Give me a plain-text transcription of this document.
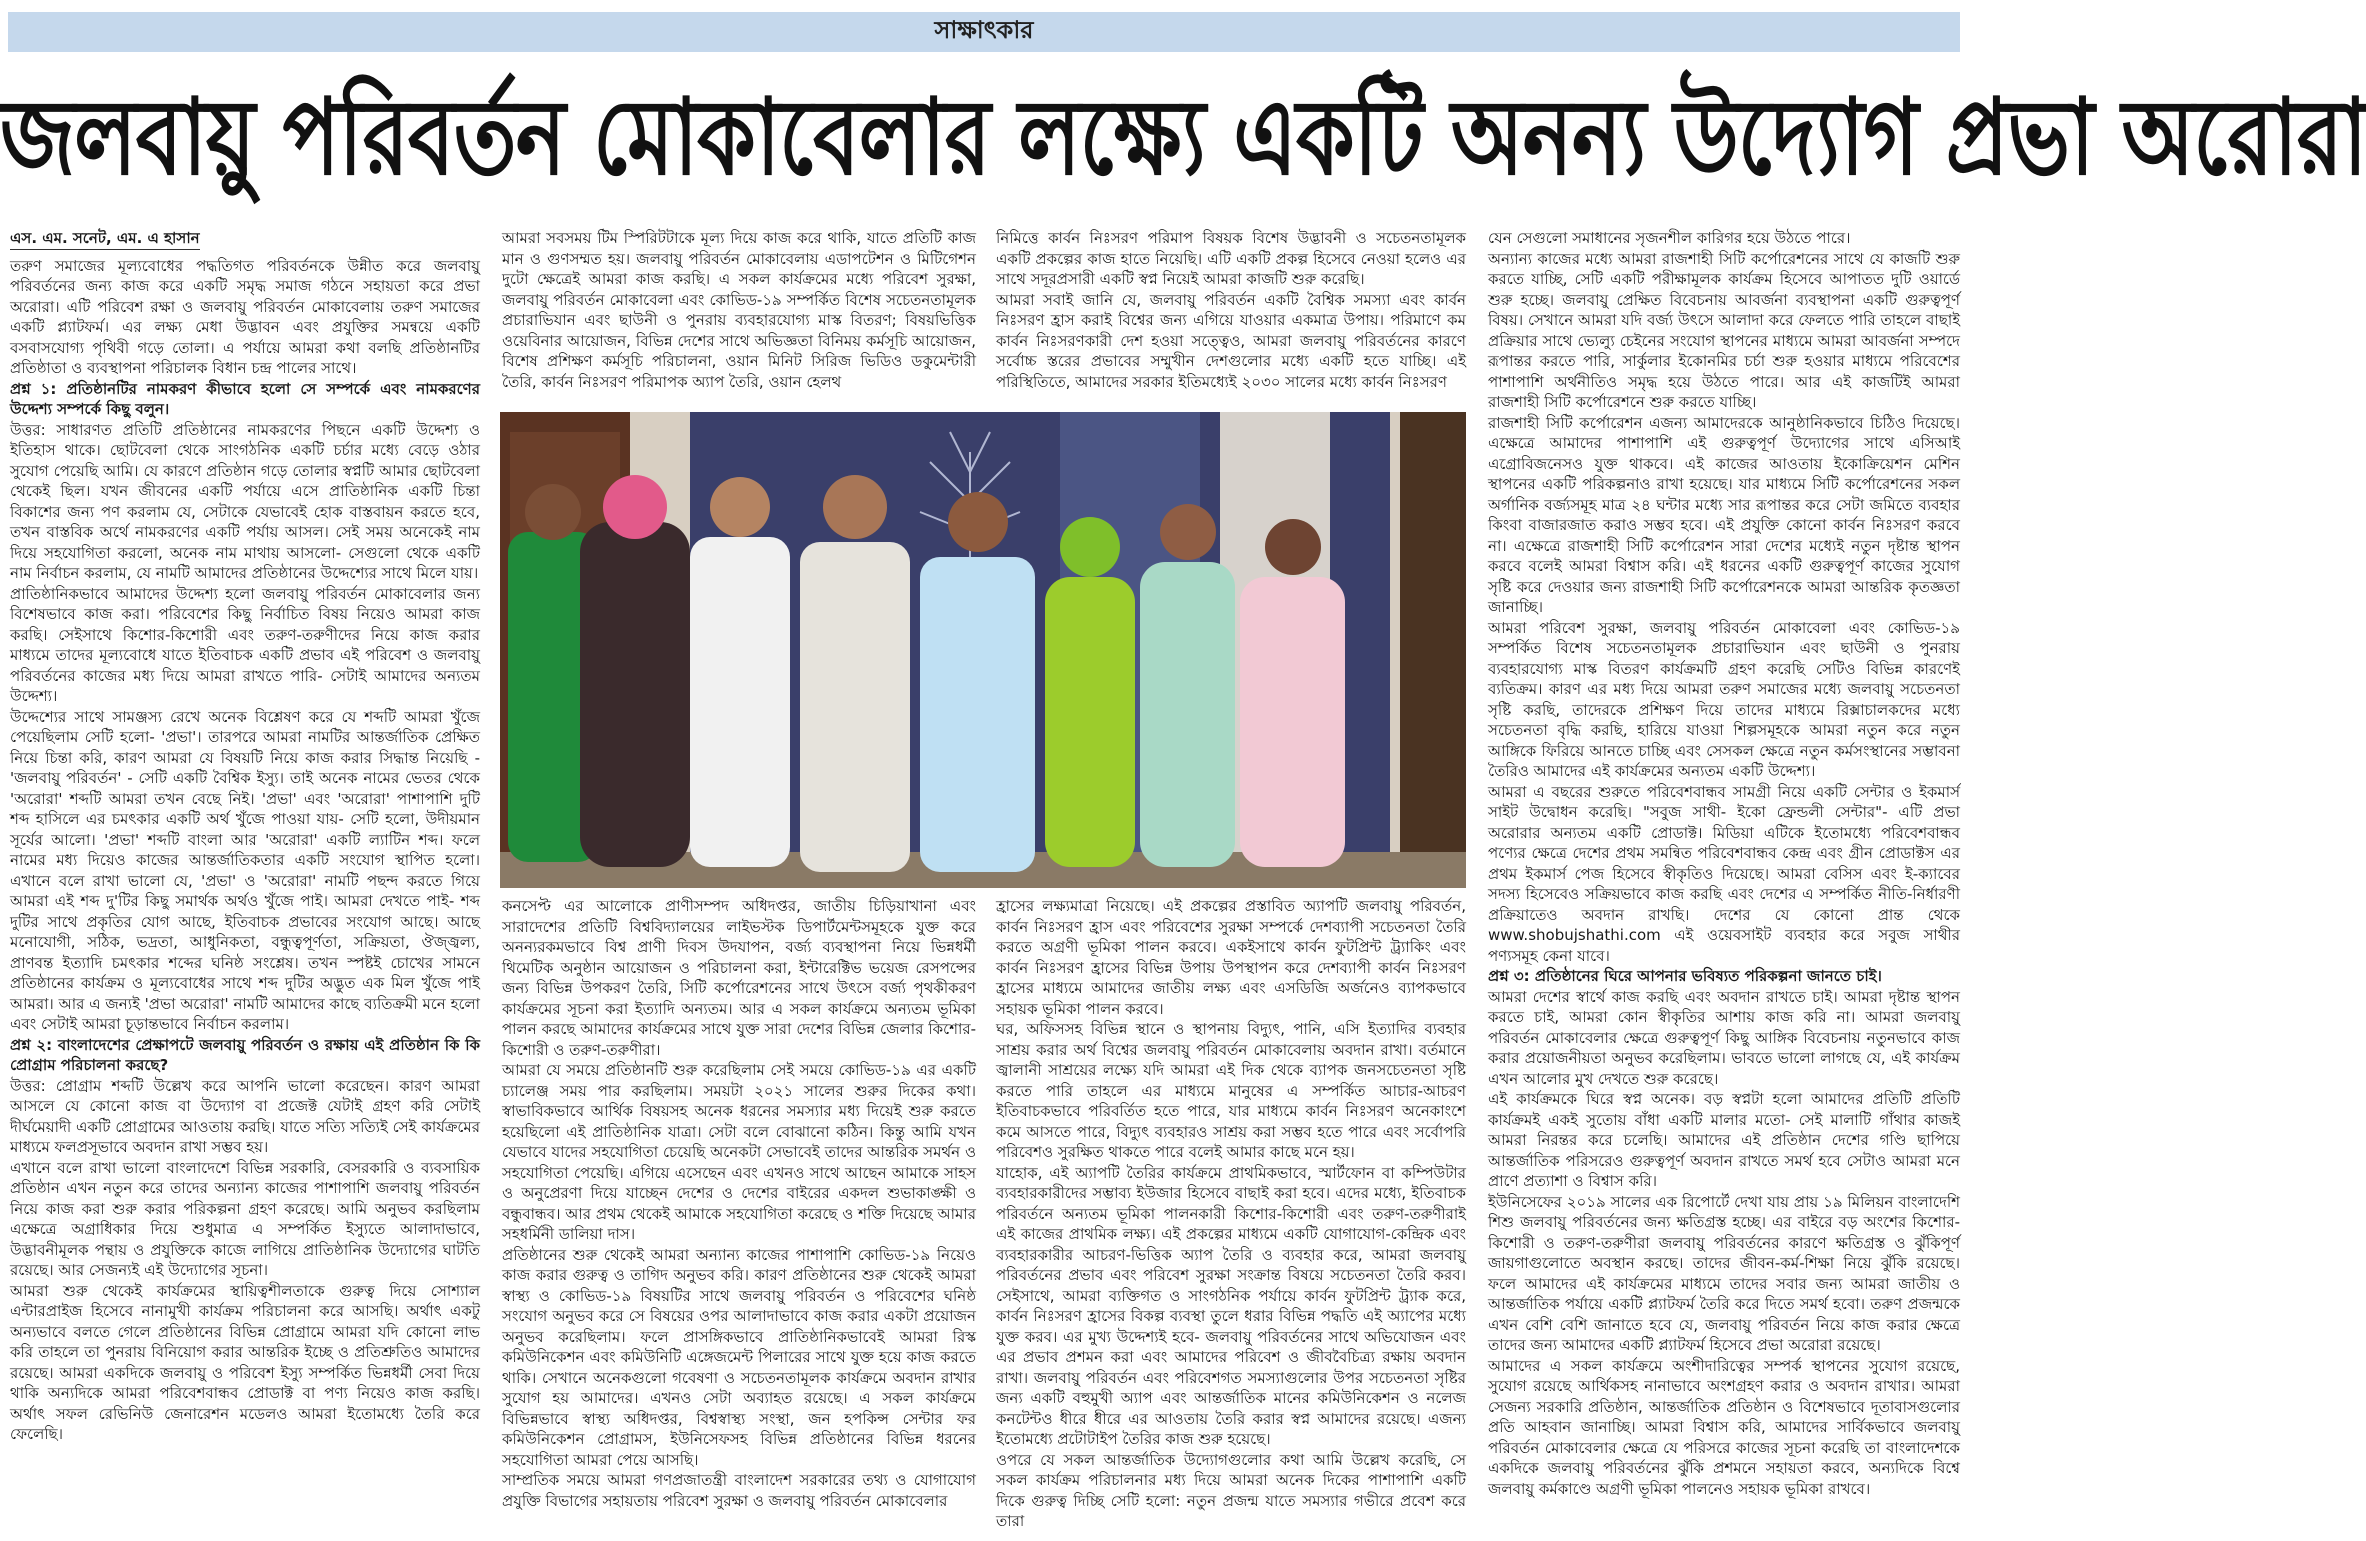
সাক্ষাৎকার
জলবায়ু পরিবর্তন মোকাবেলার লক্ষ্যে একটি অনন্য উদ্যোগ প্রভা অরোরা
এস. এম. সনেট, এম. এ হাসান

তরুণ সমাজের মূল্যবোধের পদ্ধতিগত পরিবর্তনকে উন্নীত করে জলবায়ু পরিবর্তনের জন্য কাজ করে একটি সমৃদ্ধ সমাজ গঠনে সহায়তা করে প্রভা অরোরা। এটি পরিবেশ রক্ষা ও জলবায়ু পরিবর্তন মোকাবেলায় তরুণ সমাজের একটি প্ল্যাটফর্ম। এর লক্ষ্য মেধা উদ্ভাবন এবং প্রযুক্তির সমন্বয়ে একটি বসবাসযোগ্য পৃথিবী গড়ে তোলা। এ পর্যায়ে আমরা কথা বলছি প্রতিষ্ঠানটির প্রতিষ্ঠাতা ও ব্যবস্থাপনা পরিচালক বিধান চন্দ্র পালের সাথে।

প্রশ্ন ১: প্রতিষ্ঠানটির নামকরণ কীভাবে হলো সে সম্পর্কে এবং নামকরণের উদ্দেশ্য সম্পর্কে কিছু বলুন।

উত্তর: সাধারণত প্রতিটি প্রতিষ্ঠানের নামকরণের পিছনে একটি উদ্দেশ্য ও ইতিহাস থাকে। ছোটবেলা থেকে সাংগঠনিক একটি চর্চার মধ্যে বেড়ে ওঠার সুযোগ পেয়েছি আমি। যে কারণে প্রতিষ্ঠান গড়ে তোলার স্বপ্নটি আমার ছোটবেলা থেকেই ছিল। যখন জীবনের একটি পর্যায়ে এসে প্রাতিষ্ঠানিক একটি চিন্তা বিকাশের জন্য পণ করলাম যে, সেটাকে যেভাবেই হোক বাস্তবায়ন করতে হবে, তখন বাস্তবিক অর্থে নামকরণের একটি পর্যায় আসল। সেই সময় অনেকেই নাম দিয়ে সহযোগিতা করলো, অনেক নাম মাথায় আসলো- সেগুলো থেকে একটি নাম নির্বাচন করলাম, যে নামটি আমাদের প্রতিষ্ঠানের উদ্দেশ্যের সাথে মিলে যায়।

প্রাতিষ্ঠানিকভাবে আমাদের উদ্দেশ্য হলো জলবায়ু পরিবর্তন মোকাবেলার জন্য বিশেষভাবে কাজ করা। পরিবেশের কিছু নির্বাচিত বিষয় নিয়েও আমরা কাজ করছি। সেইসাথে কিশোর-কিশোরী এবং তরুণ-তরুণীদের নিয়ে কাজ করার মাধ্যমে তাদের মূল্যবোধে যাতে ইতিবাচক একটি প্রভাব এই পরিবেশ ও জলবায়ু পরিবর্তনের কাজের মধ্য দিয়ে আমরা রাখতে পারি- সেটাই আমাদের অন্যতম উদ্দেশ্য।

উদ্দেশ্যের সাথে সামঞ্জস্য রেখে অনেক বিশ্লেষণ করে যে শব্দটি আমরা খুঁজে পেয়েছিলাম সেটি হলো- 'প্রভা'। তারপরে আমরা নামটির আন্তর্জাতিক প্রেক্ষিত নিয়ে চিন্তা করি, কারণ আমরা যে বিষয়টি নিয়ে কাজ করার সিদ্ধান্ত নিয়েছি - 'জলবায়ু পরিবর্তন' - সেটি একটি বৈশ্বিক ইস্যু। তাই অনেক নামের ভেতর থেকে 'অরোরা' শব্দটি আমরা তখন বেছে নিই। 'প্রভা' এবং 'অরোরা' পাশাপাশি দুটি শব্দ হাসিলে এর চমৎকার একটি অর্থ খুঁজে পাওয়া যায়- সেটি হলো, উদীয়মান সূর্যের আলো। 'প্রভা' শব্দটি বাংলা আর 'অরোরা' একটি ল্যাটিন শব্দ। ফলে নামের মধ্য দিয়েও কাজের আন্তর্জাতিকতার একটি সংযোগ স্থাপিত হলো। এখানে বলে রাখা ভালো যে, 'প্রভা' ও 'অরোরা' নামটি পছন্দ করতে গিয়ে আমরা এই শব্দ দু'টির কিছু সমার্থক অর্থও খুঁজে পাই। আমরা দেখতে পাই- শব্দ দুটির সাথে প্রকৃতির যোগ আছে, ইতিবাচক প্রভাবের সংযোগ আছে। আছে মনোযোগী, সঠিক, ভদ্রতা, আধুনিকতা, বন্ধুত্বপূর্ণতা, সক্রিয়তা, ঔজ্জ্বল্য, প্রাণবন্ত ইত্যাদি চমৎকার শব্দের ঘনিষ্ঠ সংশ্লেষ। তখন স্পষ্টই চোখের সামনে প্রতিষ্ঠানের কার্যক্রম ও মূল্যবোধের সাথে শব্দ দুটির অদ্ভুত এক মিল খুঁজে পাই আমরা। আর এ জন্যই 'প্রভা অরোরা' নামটি আমাদের কাছে ব্যতিক্রমী মনে হলো এবং সেটাই আমরা চূড়ান্তভাবে নির্বাচন করলাম।

প্রশ্ন ২: বাংলাদেশের প্রেক্ষাপটে জলবায়ু পরিবর্তন ও রক্ষায় এই প্রতিষ্ঠান কি কি প্রোগ্রাম পরিচালনা করছে?

উত্তর: প্রোগ্রাম শব্দটি উল্লেখ করে আপনি ভালো করেছেন। কারণ আমরা আসলে যে কোনো কাজ বা উদ্যোগ বা প্রজেক্ট যেটাই গ্রহণ করি সেটাই দীর্ঘমেয়াদী একটি প্রোগ্রামের আওতায় করছি। যাতে সত্যি সত্যিই সেই কার্যক্রমের মাধ্যমে ফলপ্রসূভাবে অবদান রাখা সম্ভব হয়।

এখানে বলে রাখা ভালো বাংলাদেশে বিভিন্ন সরকারি, বেসরকারি ও ব্যবসায়িক প্রতিষ্ঠান এখন নতুন করে তাদের অন্যান্য কাজের পাশাপাশি জলবায়ু পরিবর্তন নিয়ে কাজ করা শুরু করার পরিকল্পনা গ্রহণ করেছে। আমি অনুভব করছিলাম এক্ষেত্রে অগ্রাধিকার দিয়ে শুধুমাত্র এ সম্পর্কিত ইস্যুতে আলাদাভাবে, উদ্ভাবনীমূলক পন্থায় ও প্রযুক্তিকে কাজে লাগিয়ে প্রাতিষ্ঠানিক উদ্যোগের ঘাটতি রয়েছে। আর সেজন্যই এই উদ্যোগের সূচনা।

আমরা শুরু থেকেই কার্যক্রমের স্থায়িত্বশীলতাকে গুরুত্ব দিয়ে সোশ্যাল এন্টারপ্রাইজ হিসেবে নানামুখী কার্যক্রম পরিচালনা করে আসছি। অর্থাৎ একটু অন্যভাবে বলতে গেলে প্রতিষ্ঠানের বিভিন্ন প্রোগ্রামে আমরা যদি কোনো লাভ করি তাহলে তা পুনরায় বিনিয়োগ করার আন্তরিক ইচ্ছে ও প্রতিশ্রুতিও আমাদের রয়েছে। আমরা একদিকে জলবায়ু ও পরিবেশ ইস্যু সম্পর্কিত ভিন্নধর্মী সেবা দিয়ে থাকি অন্যদিকে আমরা পরিবেশবান্ধব প্রোডাক্ট বা পণ্য নিয়েও কাজ করছি। অর্থাৎ সফল রেভিনিউ জেনারেশন মডেলও আমরা ইতোমধ্যে তৈরি করে ফেলেছি।

আমরা সবসময় টিম স্পিরিটটাকে মূল্য দিয়ে কাজ করে থাকি, যাতে প্রতিটি কাজ মান ও গুণসম্মত হয়। জলবায়ু পরিবর্তন মোকাবেলায় এডাপটেশন ও মিটিগেশন দুটো ক্ষেত্রেই আমরা কাজ করছি। এ সকল কার্যক্রমের মধ্যে পরিবেশ সুরক্ষা, জলবায়ু পরিবর্তন মোকাবেলা এবং কোভিড-১৯ সম্পর্কিত বিশেষ সচেতনতামূলক প্রচারাভিযান এবং ছাউনী ও পুনরায় ব্যবহারযোগ্য মাস্ক বিতরণ; বিষয়ভিত্তিক ওয়েবিনার আয়োজন, বিভিন্ন দেশের সাথে অভিজ্ঞতা বিনিময় কর্মসূচি আয়োজন, বিশেষ প্রশিক্ষণ কর্মসূচি পরিচালনা, ওয়ান মিনিট সিরিজ ভিডিও ডকুমেন্টারী তৈরি, কার্বন নিঃসরণ পরিমাপক অ্যাপ তৈরি, ওয়ান হেলথ

নিমিত্তে কার্বন নিঃসরণ পরিমাপ বিষয়ক বিশেষ উদ্ভাবনী ও সচেতনতামূলক একটি প্রকল্পের কাজ হাতে নিয়েছি। এটি একটি প্রকল্প হিসেবে নেওয়া হলেও এর সাথে সদূরপ্রসারী একটি স্বপ্ন নিয়েই আমরা কাজটি শুরু করেছি।

আমরা সবাই জানি যে, জলবায়ু পরিবর্তন একটি বৈশ্বিক সমস্যা এবং কার্বন নিঃসরণ হ্রাস করাই বিশ্বের জন্য এগিয়ে যাওয়ার একমাত্র উপায়। পরিমাণে কম কার্বন নিঃসরণকারী দেশ হওয়া সত্ত্বেও, আমরা জলবায়ু পরিবর্তনের কারণে সর্বোচ্চ স্তরের প্রভাবের সম্মুখীন দেশগুলোর মধ্যে একটি হতে যাচ্ছি। এই পরিস্থিতিতে, আমাদের সরকার ইতিমধ্যেই ২০৩০ সালের মধ্যে কার্বন নিঃসরণ

কনসেপ্ট এর আলোকে প্রাণীসম্পদ অধিদপ্তর, জাতীয় চিড়িয়াখানা এবং সারাদেশের প্রতিটি বিশ্ববিদ্যালয়ের লাইভস্টক ডিপার্টমেন্টসমূহকে যুক্ত করে অনন্যরকমভাবে বিশ্ব প্রাণী দিবস উদযাপন, বর্জ্য ব্যবস্থাপনা নিয়ে ভিন্নধর্মী থিমেটিক অনুষ্ঠান আয়োজন ও পরিচালনা করা, ইন্টারেক্টিভ ভয়েজ রেসপন্সের জন্য বিভিন্ন উপকরণ তৈরি, সিটি কর্পোরেশনের সাথে উৎসে বর্জ্য পৃথকীকরণ কার্যক্রমের সূচনা করা ইত্যাদি অন্যতম। আর এ সকল কার্যক্রমে অন্যতম ভূমিকা পালন করছে আমাদের কার্যক্রমের সাথে যুক্ত সারা দেশের বিভিন্ন জেলার কিশোর-কিশোরী ও তরুণ-তরুণীরা।

আমরা যে সময়ে প্রতিষ্ঠানটি শুরু করেছিলাম সেই সময়ে কোভিড-১৯ এর একটি চ্যালেঞ্জ সময় পার করছিলাম। সময়টা ২০২১ সালের শুরুর দিকের কথা। স্বাভাবিকভাবে আর্থিক বিষয়সহ অনেক ধরনের সমস্যার মধ্য দিয়েই শুরু করতে হয়েছিলো এই প্রাতিষ্ঠানিক যাত্রা। সেটা বলে বোঝানো কঠিন। কিন্তু আমি যখন যেভাবে যাদের সহযোগিতা চেয়েছি অনেকটা সেভাবেই তাদের আন্তরিক সমর্থন ও সহযোগিতা পেয়েছি। এগিয়ে এসেছেন এবং এখনও সাথে আছেন আমাকে সাহস ও অনুপ্রেরণা দিয়ে যাচ্ছেন দেশের ও দেশের বাইরের একদল শুভাকাঙ্ক্ষী ও বন্ধুবান্ধব। আর প্রথম থেকেই আমাকে সহযোগিতা করেছে ও শক্তি দিয়েছে আমার সহধর্মিনী ডালিয়া দাস।

প্রতিষ্ঠানের শুরু থেকেই আমরা অন্যান্য কাজের পাশাপাশি কোভিড-১৯ নিয়েও কাজ করার গুরুত্ব ও তাগিদ অনুভব করি। কারণ প্রতিষ্ঠানের শুরু থেকেই আমরা স্বাস্থ্য ও কোভিড-১৯ বিষয়টির সাথে জলবায়ু পরিবর্তন ও পরিবেশের ঘনিষ্ঠ সংযোগ অনুভব করে সে বিষয়ের ওপর আলাদাভাবে কাজ করার একটা প্রয়োজন অনুভব করেছিলাম। ফলে প্রাসঙ্গিকভাবে প্রাতিষ্ঠানিকভাবেই আমরা রিস্ক কমিউনিকেশন এবং কমিউনিটি এঙ্গেজমেন্ট পিলারের সাথে যুক্ত হয়ে কাজ করতে থাকি। সেখানে অনেকগুলো গবেষণা ও সচেতনতামূলক কার্যক্রমে অবদান রাখার সুযোগ হয় আমাদের। এখনও সেটা অব্যাহত রয়েছে। এ সকল কার্যক্রমে বিভিন্নভাবে স্বাস্থ্য অধিদপ্তর, বিশ্বস্বাস্থ্য সংস্থা, জন হপকিন্স সেন্টার ফর কমিউনিকেশন প্রোগ্রামস, ইউনিসেফসহ বিভিন্ন প্রতিষ্ঠানের বিভিন্ন ধরনের সহযোগিতা আমরা পেয়ে আসছি।

সাম্প্রতিক সময়ে আমরা গণপ্রজাতন্ত্রী বাংলাদেশ সরকারের তথ্য ও যোগাযোগ প্রযুক্তি বিভাগের সহায়তায় পরিবেশ সুরক্ষা ও জলবায়ু পরিবর্তন মোকাবেলার

হ্রাসের লক্ষ্যমাত্রা নিয়েছে। এই প্রকল্পের প্রস্তাবিত অ্যাপটি জলবায়ু পরিবর্তন, কার্বন নিঃসরণ হ্রাস এবং পরিবেশের সুরক্ষা সম্পর্কে দেশব্যাপী সচেতনতা তৈরি করতে অগ্রণী ভূমিকা পালন করবে। একইসাথে কার্বন ফুটপ্রিন্ট ট্র্যাকিং এবং কার্বন নিঃসরণ হ্রাসের বিভিন্ন উপায় উপস্থাপন করে দেশব্যাপী কার্বন নিঃসরণ হ্রাসের মাধ্যমে আমাদের জাতীয় লক্ষ্য এবং এসডিজি অর্জনেও ব্যাপকভাবে সহায়ক ভূমিকা পালন করবে।

ঘর, অফিসসহ বিভিন্ন স্থানে ও স্থাপনায় বিদ্যুৎ, পানি, এসি ইত্যাদির ব্যবহার সাশ্রয় করার অর্থ বিশ্বের জলবায়ু পরিবর্তন মোকাবেলায় অবদান রাখা। বর্তমানে জ্বালানী সাশ্রয়ের লক্ষ্যে যদি আমরা এই দিক থেকে ব্যাপক জনসচেতনতা সৃষ্টি করতে পারি তাহলে এর মাধ্যমে মানুষের এ সম্পর্কিত আচার-আচরণ ইতিবাচকভাবে পরিবর্তিত হতে পারে, যার মাধ্যমে কার্বন নিঃসরণ অনেকাংশে কমে আসতে পারে, বিদ্যুৎ ব্যবহারও সাশ্রয় করা সম্ভব হতে পারে এবং সর্বোপরি পরিবেশও সুরক্ষিত থাকতে পারে বলেই আমার কাছে মনে হয়।

যাহোক, এই অ্যাপটি তৈরির কার্যক্রমে প্রাথমিকভাবে, স্মার্টফোন বা কম্পিউটার ব্যবহারকারীদের সম্ভাব্য ইউজার হিসেবে বাছাই করা হবে। এদের মধ্যে, ইতিবাচক পরিবর্তনে অন্যতম ভূমিকা পালনকারী কিশোর-কিশোরী এবং তরুণ-তরুণীরাই এই কাজের প্রাথমিক লক্ষ্য। এই প্রকল্পের মাধ্যমে একটি যোগাযোগ-কেন্দ্রিক এবং ব্যবহারকারীর আচরণ-ভিত্তিক অ্যাপ তৈরি ও ব্যবহার করে, আমরা জলবায়ু পরিবর্তনের প্রভাব এবং পরিবেশ সুরক্ষা সংক্রান্ত বিষয়ে সচেতনতা তৈরি করব। সেইসাথে, আমরা ব্যক্তিগত ও সাংগঠনিক পর্যায়ে কার্বন ফুটপ্রিন্ট ট্র্যাক করে, কার্বন নিঃসরণ হ্রাসের বিকল্প ব্যবস্থা তুলে ধরার বিভিন্ন পদ্ধতি এই অ্যাপের মধ্যে যুক্ত করব। এর মুখ্য উদ্দেশ্যই হবে- জলবায়ু পরিবর্তনের সাথে অভিযোজন এবং এর প্রভাব প্রশমন করা এবং আমাদের পরিবেশ ও জীববৈচিত্র্য রক্ষায় অবদান রাখা। জলবায়ু পরিবর্তন এবং পরিবেশগত সমস্যাগুলোর উপর সচেতনতা সৃষ্টির জন্য একটি বহুমুখী অ্যাপ এবং আন্তর্জাতিক মানের কমিউনিকেশন ও নলেজ কনটেন্টও ধীরে ধীরে এর আওতায় তৈরি করার স্বপ্ন আমাদের রয়েছে। এজন্য ইতোমধ্যে প্রটোটাইপ তৈরির কাজ শুরু হয়েছে।

ওপরে যে সকল আন্তর্জাতিক উদ্যোগগুলোর কথা আমি উল্লেখ করেছি, সে সকল কার্যক্রম পরিচালনার মধ্য দিয়ে আমরা অনেক দিকের পাশাপাশি একটি দিকে গুরুত্ব দিচ্ছি সেটি হলো: নতুন প্রজন্ম যাতে সমস্যার গভীরে প্রবেশ করে তারা

যেন সেগুলো সমাধানের সৃজনশীল কারিগর হয়ে উঠতে পারে।

অন্যান্য কাজের মধ্যে আমরা রাজশাহী সিটি কর্পোরেশনের সাথে যে কাজটি শুরু করতে যাচ্ছি, সেটি একটি পরীক্ষামূলক কার্যক্রম হিসেবে আপাতত দুটি ওয়ার্ডে শুরু হচ্ছে। জলবায়ু প্রেক্ষিত বিবেচনায় আবর্জনা ব্যবস্থাপনা একটি গুরুত্বপূর্ণ বিষয়। সেখানে আমরা যদি বর্জ্য উৎসে আলাদা করে ফেলতে পারি তাহলে বাছাই প্রক্রিয়ার সাথে ভ্যেল্যু চেইনের সংযোগ স্থাপনের মাধ্যমে আমরা আবর্জনা সম্পদে রূপান্তর করতে পারি, সার্কুলার ইকোনমির চর্চা শুরু হওয়ার মাধ্যমে পরিবেশের পাশাপাশি অর্থনীতিও সমৃদ্ধ হয়ে উঠতে পারে। আর এই কাজটিই আমরা রাজশাহী সিটি কর্পোরেশনে শুরু করতে যাচ্ছি।

রাজশাহী সিটি কর্পোরেশন এজন্য আমাদেরকে আনুষ্ঠানিকভাবে চিঠিও দিয়েছে। এক্ষেত্রে আমাদের পাশাপাশি এই গুরুত্বপূর্ণ উদ্যোগের সাথে এসিআই এগ্রোবিজনেসও যুক্ত থাকবে। এই কাজের আওতায় ইকোক্রিয়েশন মেশিন স্থাপনের একটি পরিকল্পনাও রাখা হয়েছে। যার মাধ্যমে সিটি কর্পোরেশনের সকল অর্গানিক বর্জ্যসমূহ মাত্র ২৪ ঘন্টার মধ্যে সার রূপান্তর করে সেটা জমিতে ব্যবহার কিংবা বাজারজাত করাও সম্ভব হবে। এই প্রযুক্তি কোনো কার্বন নিঃসরণ করবে না। এক্ষেত্রে রাজশাহী সিটি কর্পোরেশন সারা দেশের মধ্যেই নতুন দৃষ্টান্ত স্থাপন করবে বলেই আমরা বিশ্বাস করি। এই ধরনের একটি গুরুত্বপূর্ণ কাজের সুযোগ সৃষ্টি করে দেওয়ার জন্য রাজশাহী সিটি কর্পোরেশনকে আমরা আন্তরিক কৃতজ্ঞতা জানাচ্ছি।

আমরা পরিবেশ সুরক্ষা, জলবায়ু পরিবর্তন মোকাবেলা এবং কোভিড-১৯ সম্পর্কিত বিশেষ সচেতনতামূলক প্রচারাভিযান এবং ছাউনী ও পুনরায় ব্যবহারযোগ্য মাস্ক বিতরণ কার্যক্রমটি গ্রহণ করেছি সেটিও বিভিন্ন কারণেই ব্যতিক্রম। কারণ এর মধ্য দিয়ে আমরা তরুণ সমাজের মধ্যে জলবায়ু সচেতনতা সৃষ্টি করছি, তাদেরকে প্রশিক্ষণ দিয়ে তাদের মাধ্যমে রিক্সাচালকদের মধ্যে সচেতনতা বৃদ্ধি করছি, হারিয়ে যাওয়া শিল্পসমূহকে আমরা নতুন করে নতুন আঙ্গিকে ফিরিয়ে আনতে চাচ্ছি এবং সেসকল ক্ষেত্রে নতুন কর্মসংস্থানের সম্ভাবনা তৈরিও আমাদের এই কার্যক্রমের অন্যতম একটি উদ্দেশ্য।

আমরা এ বছরের শুরুতে পরিবেশবান্ধব সামগ্রী নিয়ে একটি সেন্টার ও ইকমার্স সাইট উদ্বোধন করেছি। "সবুজ সাথী- ইকো ফ্রেন্ডলী সেন্টার"- এটি প্রভা অরোরার অন্যতম একটি প্রোডাক্ট। মিডিয়া এটিকে ইতোমধ্যে পরিবেশবান্ধব পণ্যের ক্ষেত্রে দেশের প্রথম সমন্বিত পরিবেশবান্ধব কেন্দ্র এবং গ্রীন প্রোডাক্টস এর প্রথম ইকমার্স পেজ হিসেবে স্বীকৃতিও দিয়েছে। আমরা বেসিস এবং ই-ক্যাবের সদস্য হিসেবেও সক্রিয়ভাবে কাজ করছি এবং দেশের এ সম্পর্কিত নীতি-নির্ধারণী প্রক্রিয়াতেও অবদান রাখছি। দেশের যে কোনো প্রান্ত থেকে www.shobujshathi.com এই ওয়েবসাইট ব্যবহার করে সবুজ সাথীর পণ্যসমূহ কেনা যাবে।

প্রশ্ন ৩: প্রতিষ্ঠানের ঘিরে আপনার ভবিষ্যত পরিকল্পনা জানতে চাই।

আমরা দেশের স্বার্থে কাজ করছি এবং অবদান রাখতে চাই। আমরা দৃষ্টান্ত স্থাপন করতে চাই, আমরা কোন স্বীকৃতির আশায় কাজ করি না। আমরা জলবায়ু পরিবর্তন মোকাবেলার ক্ষেত্রে গুরুত্বপূর্ণ কিছু আঙ্গিক বিবেচনায় নতুনভাবে কাজ করার প্রয়োজনীয়তা অনুভব করেছিলাম। ভাবতে ভালো লাগছে যে, এই কার্যক্রম এখন আলোর মুখ দেখতে শুরু করেছে।

এই কার্যক্রমকে ঘিরে স্বপ্ন অনেক। বড় স্বপ্নটা হলো আমাদের প্রতিটি প্রতিটি কার্যক্রমই একই সুতোয় বাঁধা একটি মালার মতো- সেই মালাটি গাঁথার কাজই আমরা নিরন্তর করে চলেছি। আমাদের এই প্রতিষ্ঠান দেশের গণ্ডি ছাপিয়ে আন্তর্জাতিক পরিসরেও গুরুত্বপূর্ণ অবদান রাখতে সমর্থ হবে সেটাও আমরা মনে প্রাণে প্রত্যাশা ও বিশ্বাস করি।

ইউনিসেফের ২০১৯ সালের এক রিপোর্টে দেখা যায় প্রায় ১৯ মিলিয়ন বাংলাদেশি শিশু জলবায়ু পরিবর্তনের জন্য ক্ষতিগ্রস্ত হচ্ছে। এর বাইরে বড় অংশের কিশোর-কিশোরী ও তরুণ-তরুণীরা জলবায়ু পরিবর্তনের কারণে ক্ষতিগ্রস্ত ও ঝুঁকিপূর্ণ জায়গাগুলোতে অবস্থান করছে। তাদের জীবন-কর্ম-শিক্ষা নিয়ে ঝুঁকি রয়েছে। ফলে আমাদের এই কার্যক্রমের মাধ্যমে তাদের সবার জন্য আমরা জাতীয় ও আন্তর্জাতিক পর্যায়ে একটি প্ল্যাটফর্ম তৈরি করে দিতে সমর্থ হবো। তরুণ প্রজন্মকে এখন বেশি বেশি জানাতে হবে যে, জলবায়ু পরিবর্তন নিয়ে কাজ করার ক্ষেত্রে তাদের জন্য আমাদের একটি প্ল্যাটফর্ম হিসেবে প্রভা অরোরা রয়েছে।

আমাদের এ সকল কার্যক্রমে অংশীদারিত্বের সম্পর্ক স্থাপনের সুযোগ রয়েছে, সুযোগ রয়েছে আর্থিকসহ নানাভাবে অংশগ্রহণ করার ও অবদান রাখার। আমরা সেজন্য সরকারি প্রতিষ্ঠান, আন্তর্জাতিক প্রতিষ্ঠান ও বিশেষভাবে দূতাবাসগুলোর প্রতি আহবান জানাচ্ছি। আমরা বিশ্বাস করি, আমাদের সার্বিকভাবে জলবায়ু পরিবর্তন মোকাবেলার ক্ষেত্রে যে পরিসরে কাজের সূচনা করেছি তা বাংলাদেশকে একদিকে জলবায়ু পরিবর্তনের ঝুঁকি প্রশমনে সহায়তা করবে, অন্যদিকে বিশ্বে জলবায়ু কর্মকাণ্ডে অগ্রণী ভূমিকা পালনেও সহায়ক ভূমিকা রাখবে।
